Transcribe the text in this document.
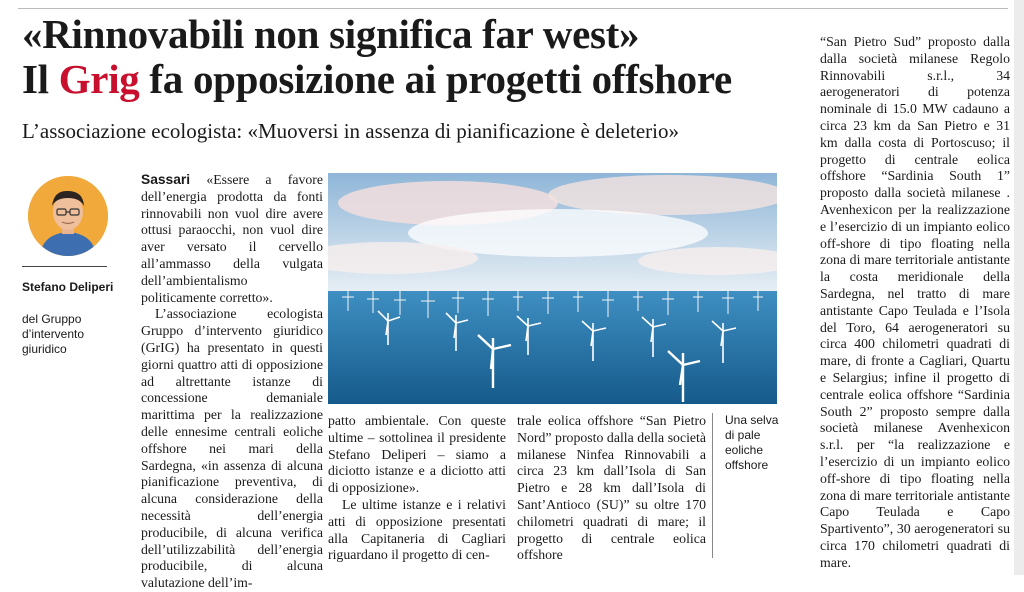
«Rinnovabili non significa far west»
Il Grig fa opposizione ai progetti offshore
L’associazione ecologista: «Muoversi in assenza di pianificazione è deleterio»
Stefano Deliperi
del Gruppo d’intervento giuridico

Sassari «Essere a favore dell’energia prodotta da fonti rinnovabili non vuol dire avere ottusi paraocchi, non vuol dire aver versato il cervello all’ammasso della vulgata dell’ambientalismo politicamente corretto».

L’associazione ecologista Gruppo d’intervento giuridico (GrIG) ha presentato in questi giorni quattro atti di opposizione ad altrettante istanze di concessione demaniale marittima per la realizzazione delle ennesime centrali eoliche offshore nei mari della Sardegna, «in assenza di alcuna pianificazione preventiva, di alcuna considerazione della necessità dell’energia producibile, di alcuna verifica dell’utilizzabilità dell’energia producibile, di alcuna valutazione dell’im-

patto ambientale. Con queste ultime – sottolinea il presidente Stefano Deliperi – siamo a diciotto istanze e a diciotto atti di opposizione».

Le ultime istanze e i relativi atti di opposizione presentati alla Capitaneria di Cagliari riguardano il progetto di cen-

trale eolica offshore “San Pietro Nord” proposto dalla della società milanese Ninfea Rinnovabili a circa 23 km dall’Isola di San Pietro e 28 km dall’Isola di Sant’Antioco (SU)” su oltre 170 chilometri quadrati di mare; il progetto di centrale eolica offshore

Una selva di pale eoliche offshore

“San Pietro Sud” proposto dalla dalla società milanese Regolo Rinnovabili s.r.l., 34 aerogeneratori di potenza nominale di 15.0 MW cadauno a circa 23 km da San Pietro e 31 km dalla costa di Portoscuso; il progetto di centrale eolica offshore “Sardinia South 1” proposto dalla società milanese . Avenhexicon per la realizzazione e l’esercizio di un impianto eolico off-shore di tipo floating nella zona di mare territoriale antistante la costa meridionale della Sardegna, nel tratto di mare antistante Capo Teulada e l’Isola del Toro, 64 aerogeneratori su circa 400 chilometri quadrati di mare, di fronte a Cagliari, Quartu e Selargius; infine il progetto di centrale eolica offshore “Sardinia South 2” proposto sempre dalla società milanese Avenhexicon s.r.l. per “la realizzazione e l’esercizio di un impianto eolico off-shore di tipo floating nella zona di mare territoriale antistante Capo Teulada e Capo Spartivento”, 30 aerogeneratori su circa 170 chilometri quadrati di mare.
